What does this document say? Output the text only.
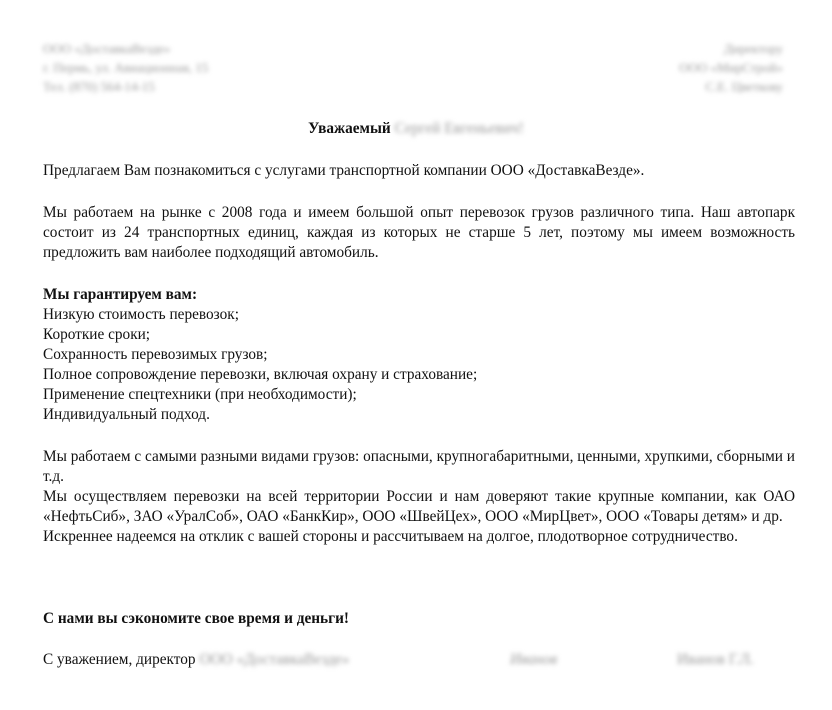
ООО «ДоставкаВезде»
г. Пермь, ул. Авиационная, 15
Тел. (870) 564-14-15
Директору
ООО «МирСтрой»
С.Е. Цветкову
Уважаемый Сергей Евгеньевич!
Предлагаем Вам познакомиться с услугами транспортной компании ООО «ДоставкаВезде».
Мы работаем на рынке с 2008 года и имеем большой опыт перевозок грузов различного типа. Наш автопарк состоит из 24 транспортных единиц, каждая из которых не старше 5 лет, поэтому мы имеем возможность предложить вам наиболее подходящий автомобиль.
Мы гарантируем вам:
Низкую стоимость перевозок;
Короткие сроки;
Сохранность перевозимых грузов;
Полное сопровождение перевозки, включая охрану и страхование;
Применение спецтехники (при необходимости);
Индивидуальный подход.
Мы работаем с самыми разными видами грузов: опасными, крупногабаритными, ценными, хрупкими, сборными и т.д.
Мы осуществляем перевозки на всей территории России и нам доверяют такие крупные компании, как ОАО «НефтьСиб», ЗАО «УралСоб», ОАО «БанкКир», ООО «ШвейЦех», ООО «МирЦвет», ООО «Товары детям» и др.
Искреннее надеемся на отклик с вашей стороны и рассчитываем на долгое, плодотворное сотрудничество.
С нами вы сэкономите свое время и деньги!
С уважением, директор ООО «ДоставкаВезде»	Иванов	Иванов Г.Л.
